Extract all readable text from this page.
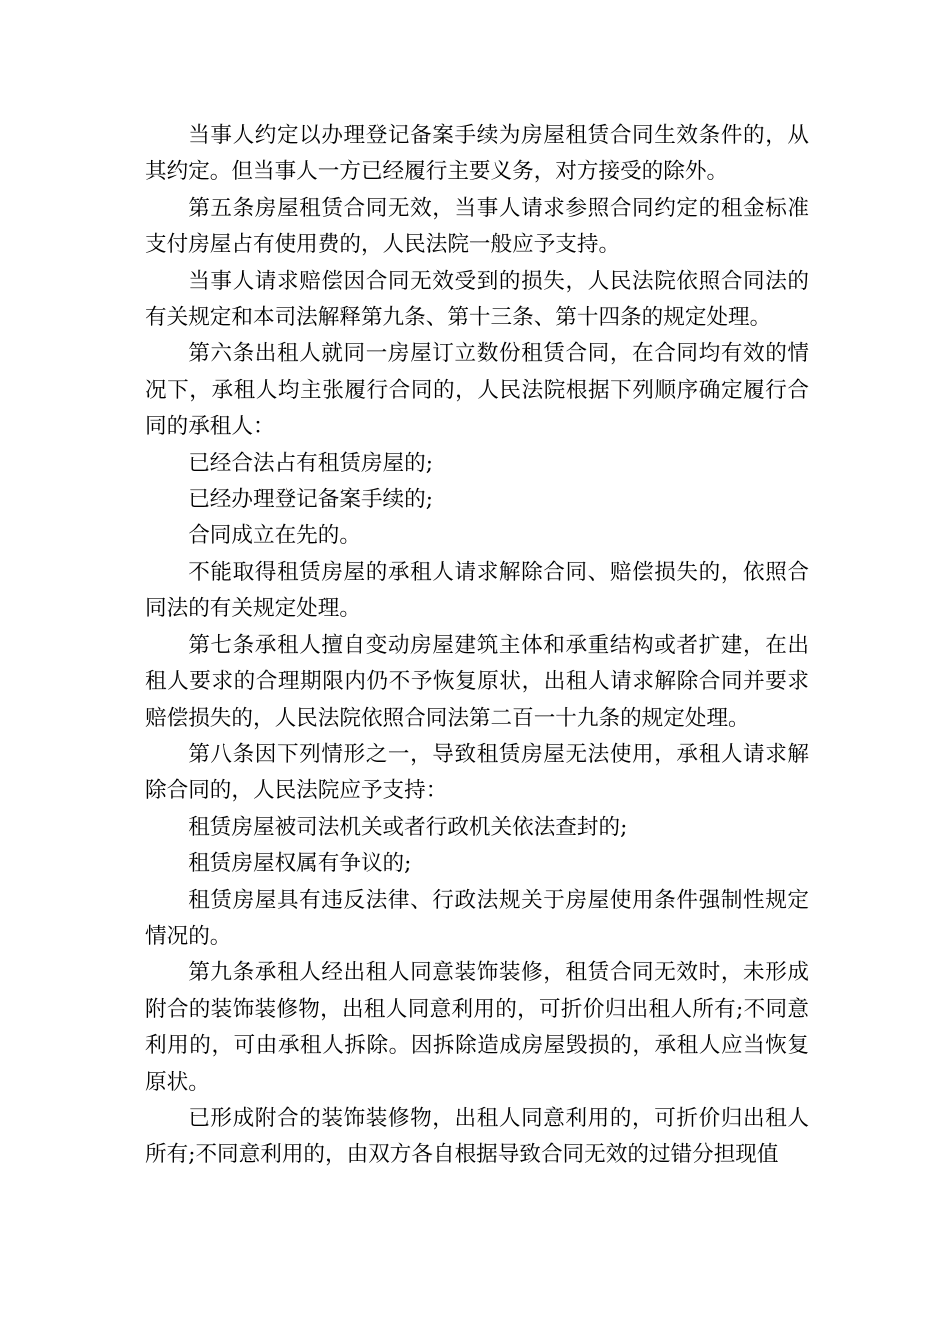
当事人约定以办理登记备案手续为房屋租赁合同生效条件的，从其约定。但当事人一方已经履行主要义务，对方接受的除外。

第五条房屋租赁合同无效，当事人请求参照合同约定的租金标准支付房屋占有使用费的，人民法院一般应予支持。

当事人请求赔偿因合同无效受到的损失，人民法院依照合同法的有关规定和本司法解释第九条、第十三条、第十四条的规定处理。

第六条出租人就同一房屋订立数份租赁合同，在合同均有效的情况下，承租人均主张履行合同的，人民法院根据下列顺序确定履行合同的承租人：

已经合法占有租赁房屋的;

已经办理登记备案手续的;

合同成立在先的。

不能取得租赁房屋的承租人请求解除合同、赔偿损失的，依照合同法的有关规定处理。

第七条承租人擅自变动房屋建筑主体和承重结构或者扩建，在出租人要求的合理期限内仍不予恢复原状，出租人请求解除合同并要求赔偿损失的，人民法院依照合同法第二百一十九条的规定处理。

第八条因下列情形之一，导致租赁房屋无法使用，承租人请求解除合同的，人民法院应予支持：

租赁房屋被司法机关或者行政机关依法查封的;

租赁房屋权属有争议的;

租赁房屋具有违反法律、行政法规关于房屋使用条件强制性规定情况的。

第九条承租人经出租人同意装饰装修，租赁合同无效时，未形成附合的装饰装修物，出租人同意利用的，可折价归出租人所有;不同意利用的，可由承租人拆除。因拆除造成房屋毁损的，承租人应当恢复原状。

已形成附合的装饰装修物，出租人同意利用的，可折价归出租人所有;不同意利用的，由双方各自根据导致合同无效的过错分担现值
